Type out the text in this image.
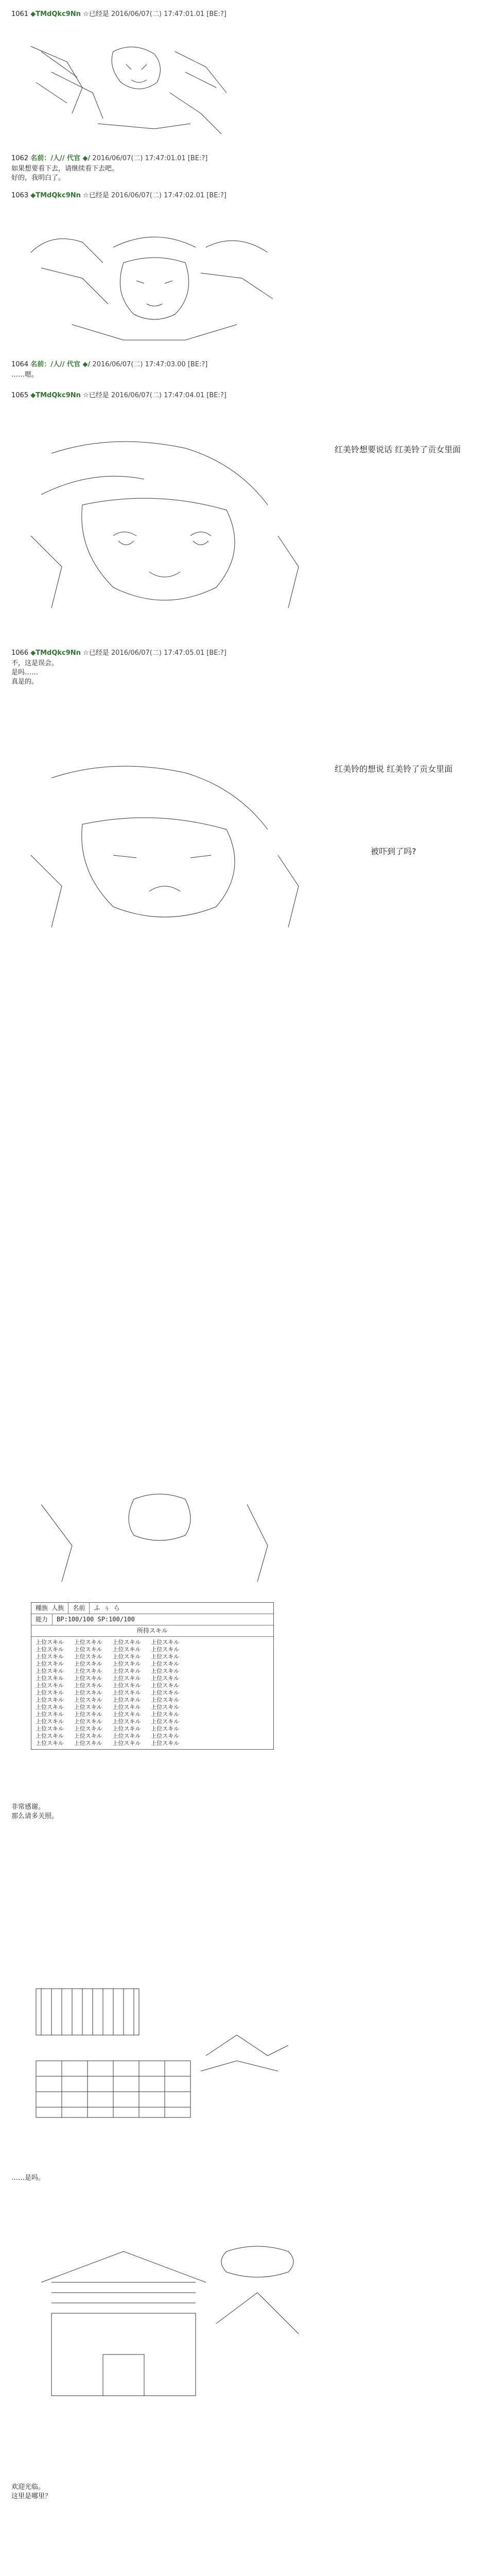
1061 ◆TMdQkc9Nn ☆已经是 2016/06/07(二) 17:47:01.01 [BE:?]
1062 名前：/人// 代官 ◆/ 2016/06/07(二) 17:47:01.01 [BE:?]
如果想要看下去，请继续看下去吧。
好的，我明白了。
1063 ◆TMdQkc9Nn ☆已经是 2016/06/07(二) 17:47:02.01 [BE:?]
1064 名前：/人// 代官 ◆/ 2016/06/07(二) 17:47:03.00 [BE:?]
……嗯。
1065 ◆TMdQkc9Nn ☆已经是 2016/06/07(二) 17:47:04.01 [BE:?]
红美铃想要说话 红美铃了贡女里面
1066 ◆TMdQkc9Nn ☆已经是 2016/06/07(二) 17:47:05.01 [BE:?]
不，这是误会。
是吗……
真是的。
红美铃的想说 红美铃了贡女里面
被吓到了吗?
種族 人族	名前	ふ ぅ ら
能力	BP:100/100 SP:100/100
所持スキル
上位スキル   上位スキル   上位スキル   上位スキル
上位スキル   上位スキル   上位スキル   上位スキル
上位スキル   上位スキル   上位スキル   上位スキル
上位スキル   上位スキル   上位スキル   上位スキル
上位スキル   上位スキル   上位スキル   上位スキル
上位スキル   上位スキル   上位スキル   上位スキル
上位スキル   上位スキル   上位スキル   上位スキル
上位スキル   上位スキル   上位スキル   上位スキル
上位スキル   上位スキル   上位スキル   上位スキル
上位スキル   上位スキル   上位スキル   上位スキル
上位スキル   上位スキル   上位スキル   上位スキル
上位スキル   上位スキル   上位スキル   上位スキル
上位スキル   上位スキル   上位スキル   上位スキル
上位スキル   上位スキル   上位スキル   上位スキル
上位スキル   上位スキル   上位スキル   上位スキル
非常感谢。
那么请多关照。
……是吗。
欢迎光临。
这里是哪里？
